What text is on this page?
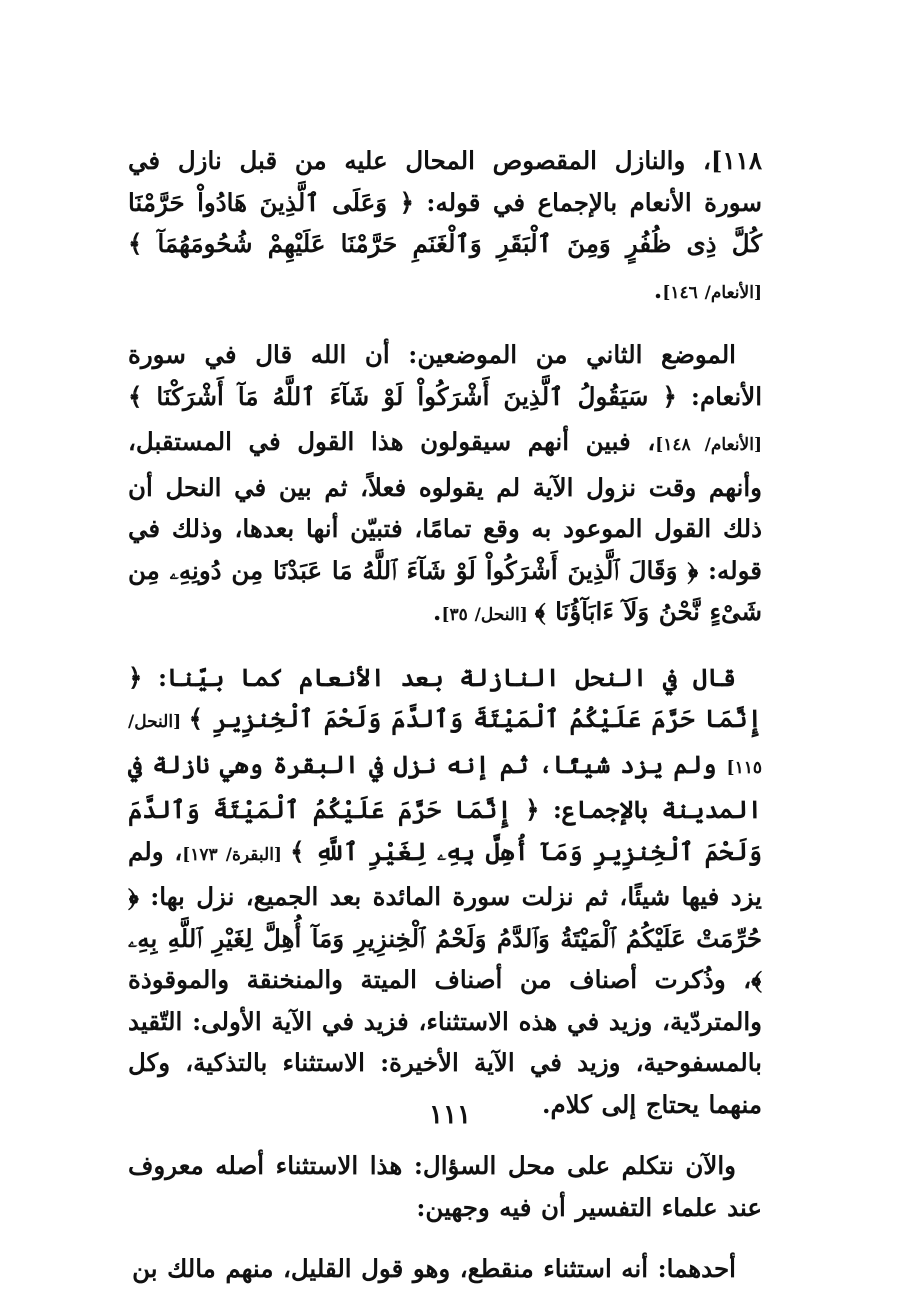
١١٨]، والنازل المقصوص المحال عليه من قبل نازل في سورة الأنعام بالإجماع في قوله: ﴿ وَعَلَى ٱلَّذِينَ هَادُواْ حَرَّمْنَا كُلَّ ذِى ظُفُرٍ وَمِنَ ٱلْبَقَرِ وَٱلْغَنَمِ حَرَّمْنَا عَلَيْهِمْ شُحُومَهُمَآ ﴾ [الأنعام/ ١٤٦].

الموضع الثاني من الموضعين: أن الله قال في سورة الأنعام: ﴿ سَيَقُولُ ٱلَّذِينَ أَشْرَكُواْ لَوْ شَآءَ ٱللَّهُ مَآ أَشْرَكْنَا ﴾ [الأنعام/ ١٤٨]، فبين أنهم سيقولون هذا القول في المستقبل، وأنهم وقت نزول الآية لم يقولوه فعلاً، ثم بين في النحل أن ذلك القول الموعود به وقع تمامًا، فتبيّن أنها بعدها، وذلك في قوله: ﴿ وَقَالَ ٱلَّذِينَ أَشْرَكُواْ لَوْ شَآءَ ٱللَّهُ مَا عَبَدْنَا مِن دُونِهِۦ مِن شَىْءٍ نَّحْنُ وَلَآ ءَابَآؤُنَا ﴾ [النحل/ ٣٥].

قال في النحل النازلة بعد الأنعام كما بيّنا: ﴿ إِنَّمَا حَرَّمَ عَلَيْكُمُ ٱلْمَيْتَةَ وَٱلدَّمَ وَلَحْمَ ٱلْخِنزِيرِ ﴾ [النحل/ ١١٥] ولم يزد شيئًا، ثم إنه نزل في البقرة وهي نازلة في المدينة بالإجماع: ﴿ إِنَّمَا حَرَّمَ عَلَيْكُمُ ٱلْمَيْتَةَ وَٱلدَّمَ وَلَحْمَ ٱلْخِنزِيرِ وَمَآ أُهِلَّ بِهِۦ لِغَيْرِ ٱللَّهِ ﴾ [البقرة/ ١٧٣]، ولم يزد فيها شيئًا، ثم نزلت سورة المائدة بعد الجميع، نزل بها: ﴿ حُرِّمَتْ عَلَيْكُمُ ٱلْمَيْتَةُ وَٱلدَّمُ وَلَحْمُ ٱلْخِنزِيرِ وَمَآ أُهِلَّ لِغَيْرِ ٱللَّهِ بِهِۦ ﴾، وذُكرت أصناف من أصناف الميتة والمنخنقة والموقوذة والمتردّية، وزيد في هذه الاستثناء، فزيد في الآية الأولى: التّقيد بالمسفوحية، وزيد في الآية الأخيرة: الاستثناء بالتذكية، وكل منهما يحتاج إلى كلام.

والآن نتكلم على محل السؤال: هذا الاستثناء أصله معروف عند علماء التفسير أن فيه وجهين:

أحدهما: أنه استثناء منقطع، وهو قول القليل، منهم مالك بن

١١١
